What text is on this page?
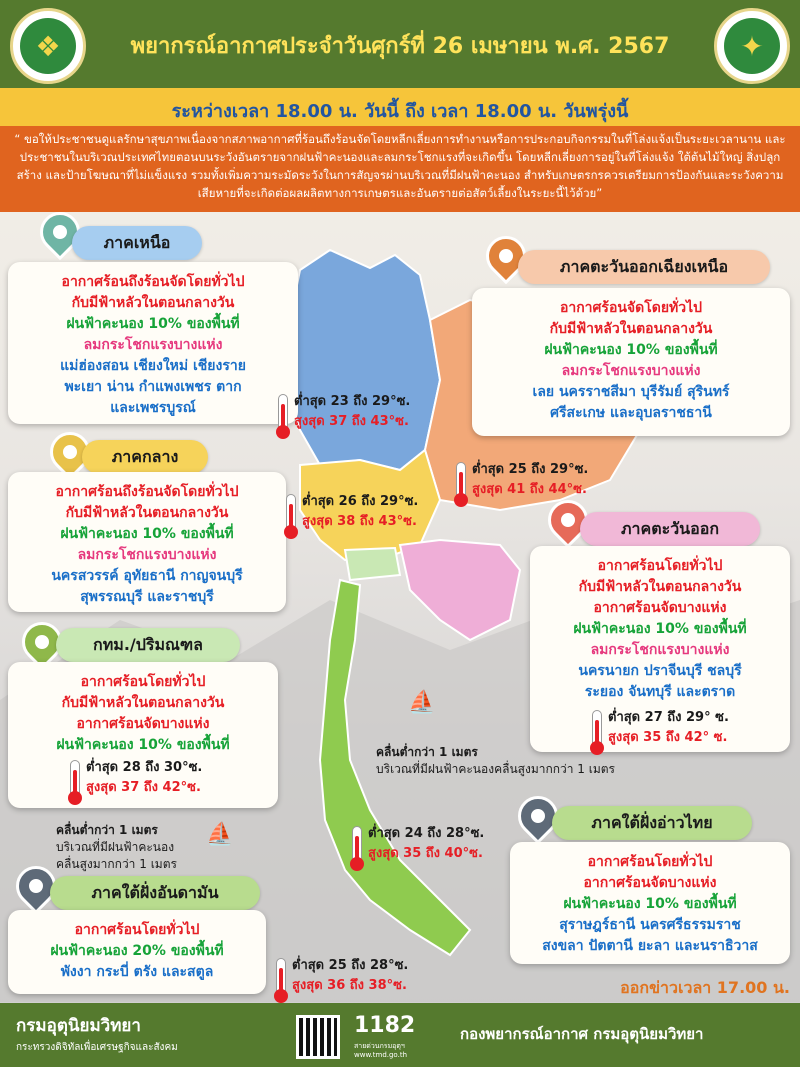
❖	พยากรณ์อากาศประจำวันศุกร์ที่ 26 เมษายน พ.ศ. 2567	✦
ระหว่างเวลา 18.00 น. วันนี้ ถึง เวลา 18.00 น. วันพรุ่งนี้
“ ขอให้ประชาชนดูแลรักษาสุขภาพเนื่องจากสภาพอากาศที่ร้อนถึงร้อนจัดโดยหลีกเลี่ยงการทำงานหรือการประกอบกิจกรรมในที่โล่งแจ้งเป็นระยะเวลานาน และประชาชนในบริเวณประเทศไทยตอนบนระวังอันตรายจากฝนฟ้าคะนองและลมกระโชกแรงที่จะเกิดขึ้น โดยหลีกเลี่ยงการอยู่ในที่โล่งแจ้ง ใต้ต้นไม้ใหญ่ สิ่งปลูกสร้าง และป้ายโฆษณาที่ไม่แข็งแรง รวมทั้งเพิ่มความระมัดระวังในการสัญจรผ่านบริเวณที่มีฝนฟ้าคะนอง สำหรับเกษตรกรควรเตรียมการป้องกันและระวังความเสียหายที่จะเกิดต่อผลผลิตทางการเกษตรและอันตรายต่อสัตว์เลี้ยงในระยะนี้ไว้ด้วย”
ภาคเหนือ
อากาศร้อนถึงร้อนจัดโดยทั่วไป
กับมีฟ้าหลัวในตอนกลางวัน
ฝนฟ้าคะนอง 10% ของพื้นที่
ลมกระโชกแรงบางแห่ง
แม่ฮ่องสอน เชียงใหม่ เชียงราย
พะเยา น่าน กำแพงเพชร ตาก
และเพชรบูรณ์	ต่ำสุด 23 ถึง 29°ซ.
สูงสุด 37 ถึง 43°ซ.
ภาคตะวันออกเฉียงเหนือ
อากาศร้อนจัดโดยทั่วไป
กับมีฟ้าหลัวในตอนกลางวัน
ฝนฟ้าคะนอง 10% ของพื้นที่
ลมกระโชกแรงบางแห่ง
เลย นครราชสีมา บุรีรัมย์ สุรินทร์
ศรีสะเกษ และอุบลราชธานี
ต่ำสุด 25 ถึง 29°ซ.
สูงสุด 41 ถึง 44°ซ.
ภาคกลาง
อากาศร้อนถึงร้อนจัดโดยทั่วไป
กับมีฟ้าหลัวในตอนกลางวัน
ฝนฟ้าคะนอง 10% ของพื้นที่
ลมกระโชกแรงบางแห่ง
นครสวรรค์ อุทัยธานี กาญจนบุรี
สุพรรณบุรี และราชบุรี
ต่ำสุด 26 ถึง 29°ซ.
สูงสุด 38 ถึง 43°ซ.	ภาคตะวันออก
อากาศร้อนโดยทั่วไป
กับมีฟ้าหลัวในตอนกลางวัน
อากาศร้อนจัดบางแห่ง
ฝนฟ้าคะนอง 10% ของพื้นที่
ลมกระโชกแรงบางแห่ง
นครนายก ปราจีนบุรี ชลบุรี
ระยอง จันทบุรี และตราด
ต่ำสุด 27 ถึง 29° ซ.
สูงสุด 35 ถึง 42° ซ.
กทม./ปริมณฑล
อากาศร้อนโดยทั่วไป
กับมีฟ้าหลัวในตอนกลางวัน
อากาศร้อนจัดบางแห่ง
ฝนฟ้าคะนอง 10% ของพื้นที่
ต่ำสุด 28 ถึง 30°ซ.
สูงสุด 37 ถึง 42°ซ.
⛵
คลื่นต่ำกว่า 1 เมตร
บริเวณที่มีฝนฟ้าคะนองคลื่นสูงมากกว่า 1 เมตร
คลื่นต่ำกว่า 1 เมตร
บริเวณที่มีฝนฟ้าคะนอง
คลื่นสูงมากกว่า 1 เมตร
⛵	ต่ำสุด 24 ถึง 28°ซ.
สูงสุด 35 ถึง 40°ซ.
ภาคใต้ฝั่งอ่าวไทย
อากาศร้อนโดยทั่วไป
อากาศร้อนจัดบางแห่ง
ฝนฟ้าคะนอง 10% ของพื้นที่
สุราษฎร์ธานี นครศรีธรรมราช
สงขลา ปัตตานี ยะลา และนราธิวาส
ภาคใต้ฝั่งอันดามัน
อากาศร้อนโดยทั่วไป
ฝนฟ้าคะนอง 20% ของพื้นที่
พังงา กระบี่ ตรัง และสตูล	ต่ำสุด 25 ถึง 28°ซ.
สูงสุด 36 ถึง 38°ซ.	ออกข่าวเวลา 17.00 น.
กรมอุตุนิยมวิทยา
กระทรวงดิจิทัลเพื่อเศรษฐกิจและสังคม
1182
สายด่วนกรมอุตุฯ www.tmd.go.th
กองพยากรณ์อากาศ กรมอุตุนิยมวิทยา
